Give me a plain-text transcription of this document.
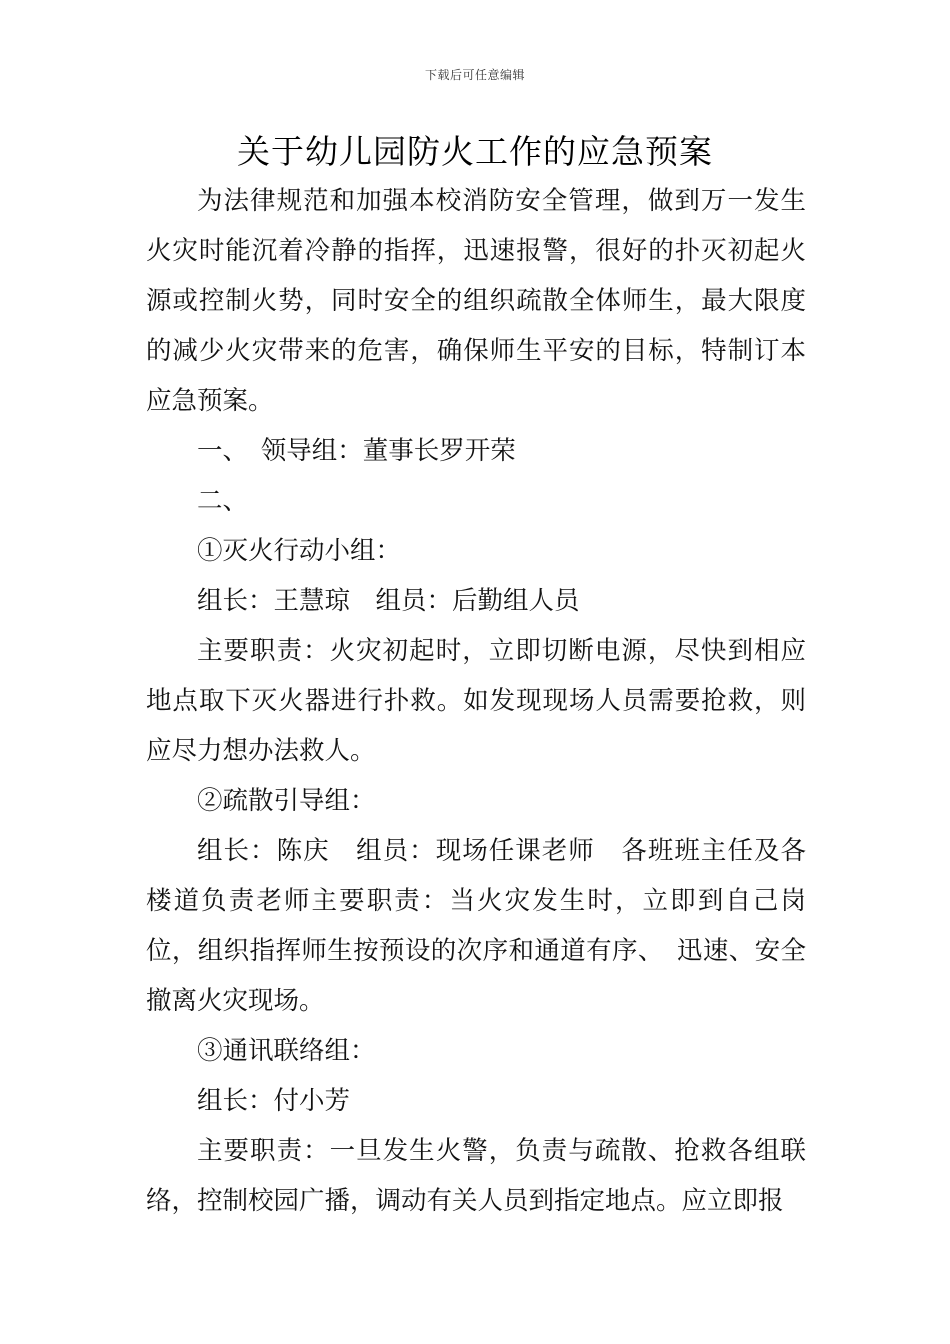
下载后可任意编辑
关于幼儿园防火工作的应急预案

为法律规范和加强本校消防安全管理，做到万一发生火灾时能沉着冷静的指挥，迅速报警，很好的扑灭初起火源或控制火势，同时安全的组织疏散全体师生，最大限度的减少火灾带来的危害，确保师生平安的目标，特制订本应急预案。

一、　领导组：董事长罗开荣

二、

①灭火行动小组：

组长：王慧琼　组员：后勤组人员

主要职责：火灾初起时，立即切断电源，尽快到相应地点取下灭火器进行扑救。如发现现场人员需要抢救，则应尽力想办法救人。

②疏散引导组：

组长：陈庆　组员：现场任课老师　各班班主任及各楼道负责老师主要职责：当火灾发生时，立即到自己岗位，组织指挥师生按预设的次序和通道有序、　迅速、安全撤离火灾现场。

③通讯联络组：

组长：付小芳

主要职责：一旦发生火警，负责与疏散、抢救各组联络，控制校园广播，调动有关人员到指定地点。应立即报
